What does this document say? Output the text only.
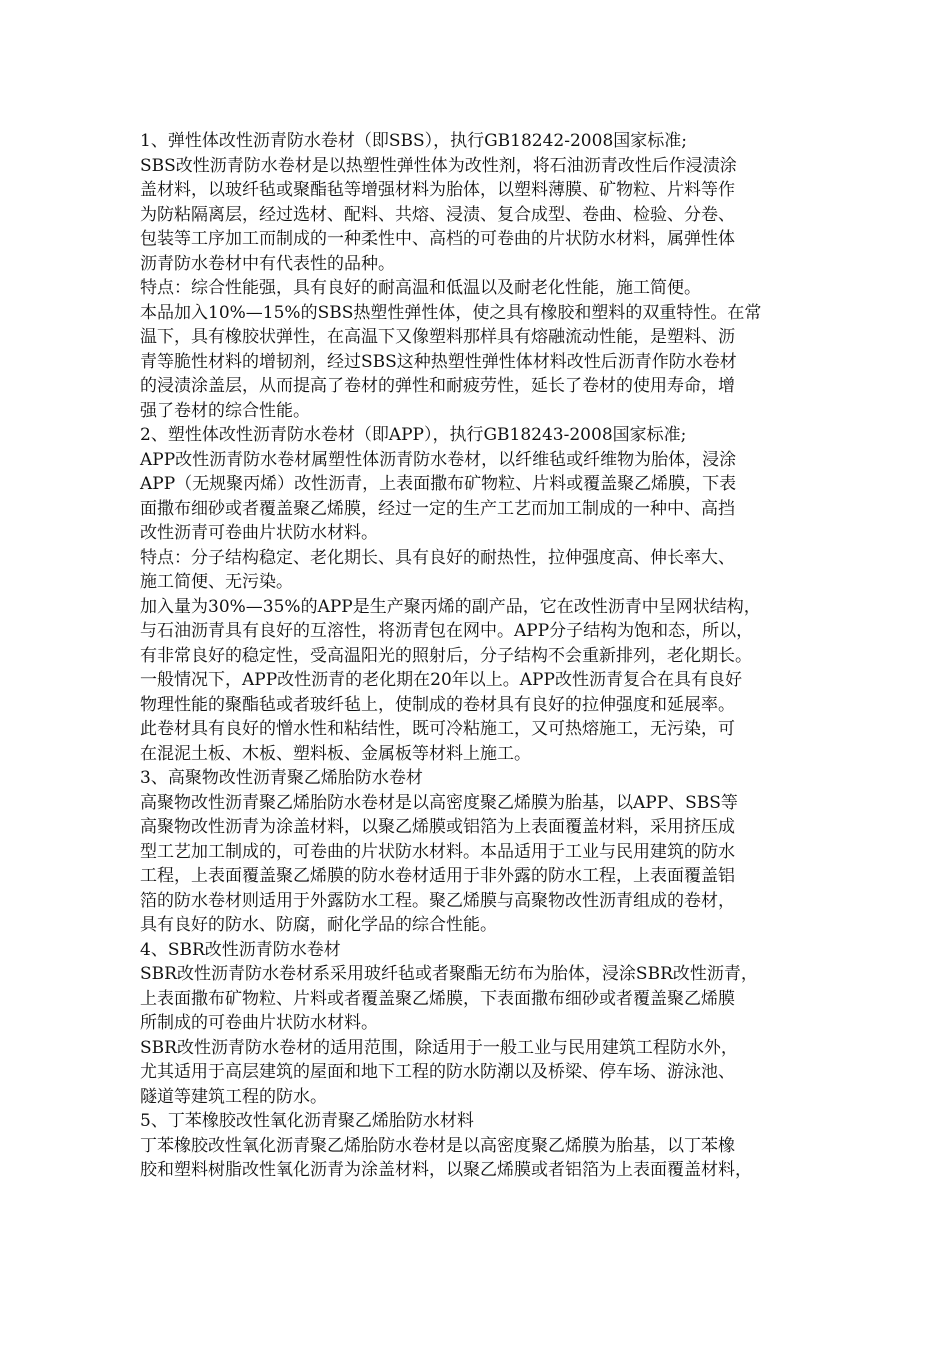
1、弹性体改性沥青防水卷材（即SBS），执行GB18242-2008国家标准;
SBS改性沥青防水卷材是以热塑性弹性体为改性剂，将石油沥青改性后作浸渍涂
盖材料，以玻纤毡或聚酯毡等增强材料为胎体，以塑料薄膜、矿物粒、片料等作
为防粘隔离层，经过选材、配料、共熔、浸渍、复合成型、卷曲、检验、分卷、
包装等工序加工而制成的一种柔性中、高档的可卷曲的片状防水材料，属弹性体
沥青防水卷材中有代表性的品种。
特点：综合性能强，具有良好的耐高温和低温以及耐老化性能，施工简便。
本品加入10%—15%的SBS热塑性弹性体，使之具有橡胶和塑料的双重特性。在常
温下，具有橡胶状弹性，在高温下又像塑料那样具有熔融流动性能，是塑料、沥
青等脆性材料的增韧剂，经过SBS这种热塑性弹性体材料改性后沥青作防水卷材
的浸渍涂盖层，从而提高了卷材的弹性和耐疲劳性，延长了卷材的使用寿命，增
强了卷材的综合性能。
2、塑性体改性沥青防水卷材（即APP），执行GB18243-2008国家标准;
APP改性沥青防水卷材属塑性体沥青防水卷材，以纤维毡或纤维物为胎体，浸涂
APP（无规聚丙烯）改性沥青，上表面撒布矿物粒、片料或覆盖聚乙烯膜，下表
面撒布细砂或者覆盖聚乙烯膜，经过一定的生产工艺而加工制成的一种中、高挡
改性沥青可卷曲片状防水材料。
特点：分子结构稳定、老化期长、具有良好的耐热性，拉伸强度高、伸长率大、
施工简便、无污染。
加入量为30%—35%的APP是生产聚丙烯的副产品，它在改性沥青中呈网状结构，
与石油沥青具有良好的互溶性，将沥青包在网中。APP分子结构为饱和态，所以，
有非常良好的稳定性，受高温阳光的照射后，分子结构不会重新排列，老化期长。
一般情况下，APP改性沥青的老化期在20年以上。APP改性沥青复合在具有良好
物理性能的聚酯毡或者玻纤毡上，使制成的卷材具有良好的拉伸强度和延展率。
此卷材具有良好的憎水性和粘结性，既可冷粘施工，又可热熔施工，无污染，可
在混泥土板、木板、塑料板、金属板等材料上施工。
3、高聚物改性沥青聚乙烯胎防水卷材
高聚物改性沥青聚乙烯胎防水卷材是以高密度聚乙烯膜为胎基，以APP、SBS等
高聚物改性沥青为涂盖材料，以聚乙烯膜或铝箔为上表面覆盖材料，采用挤压成
型工艺加工制成的，可卷曲的片状防水材料。本品适用于工业与民用建筑的防水
工程，上表面覆盖聚乙烯膜的防水卷材适用于非外露的防水工程，上表面覆盖铝
箔的防水卷材则适用于外露防水工程。聚乙烯膜与高聚物改性沥青组成的卷材，
具有良好的防水、防腐，耐化学品的综合性能。
4、SBR改性沥青防水卷材
SBR改性沥青防水卷材系采用玻纤毡或者聚酯无纺布为胎体，浸涂SBR改性沥青，
上表面撒布矿物粒、片料或者覆盖聚乙烯膜，下表面撒布细砂或者覆盖聚乙烯膜
所制成的可卷曲片状防水材料。
SBR改性沥青防水卷材的适用范围，除适用于一般工业与民用建筑工程防水外，
尤其适用于高层建筑的屋面和地下工程的防水防潮以及桥梁、停车场、游泳池、
隧道等建筑工程的防水。
5、丁苯橡胶改性氧化沥青聚乙烯胎防水材料
丁苯橡胶改性氧化沥青聚乙烯胎防水卷材是以高密度聚乙烯膜为胎基，以丁苯橡
胶和塑料树脂改性氧化沥青为涂盖材料，以聚乙烯膜或者铝箔为上表面覆盖材料，
